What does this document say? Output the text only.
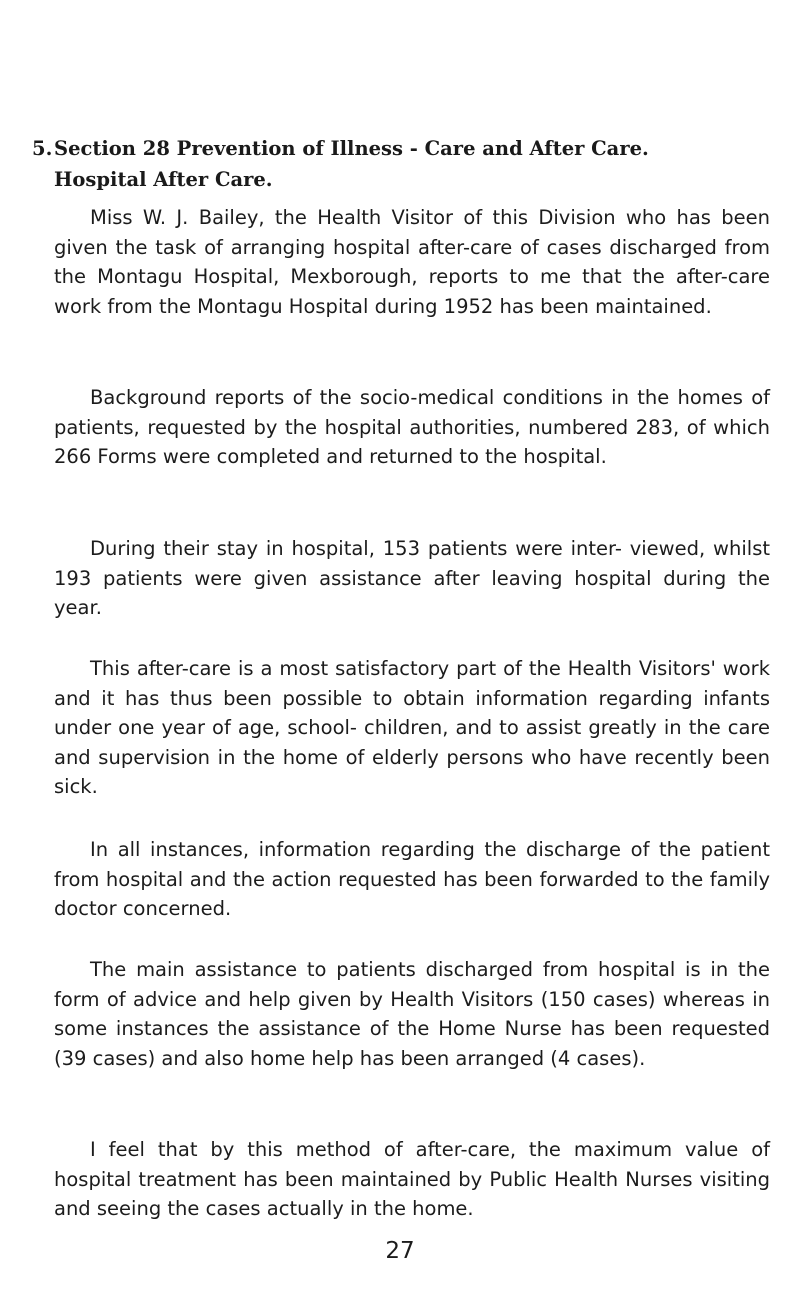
5.Section 28 Prevention of Illness - Care and After Care.
Hospital After Care.

Miss W. J. Bailey, the Health Visitor of this Division who has been given the task of arranging hospital after-care of cases discharged from the Montagu Hospital, Mexborough, reports to me that the after-care work from the Montagu Hospital during 1952 has been maintained.

Background reports of the socio-medical conditions in the homes of patients, requested by the hospital authorities, numbered 283, of which 266 Forms were completed and returned to the hospital.

During their stay in hospital, 153 patients were inter- viewed, whilst 193 patients were given assistance after leaving hospital during the year.

This after-care is a most satisfactory part of the Health Visitors' work and it has thus been possible to obtain information regarding infants under one year of age, school- children, and to assist greatly in the care and supervision in the home of elderly persons who have recently been sick.

In all instances, information regarding the discharge of the patient from hospital and the action requested has been forwarded to the family doctor concerned.

The main assistance to patients discharged from hospital is in the form of advice and help given by Health Visitors (150 cases) whereas in some instances the assistance of the Home Nurse has been requested (39 cases) and also home help has been arranged (4 cases).

I feel that by this method of after-care, the maximum value of hospital treatment has been maintained by Public Health Nurses visiting and seeing the cases actually in the home.

27
